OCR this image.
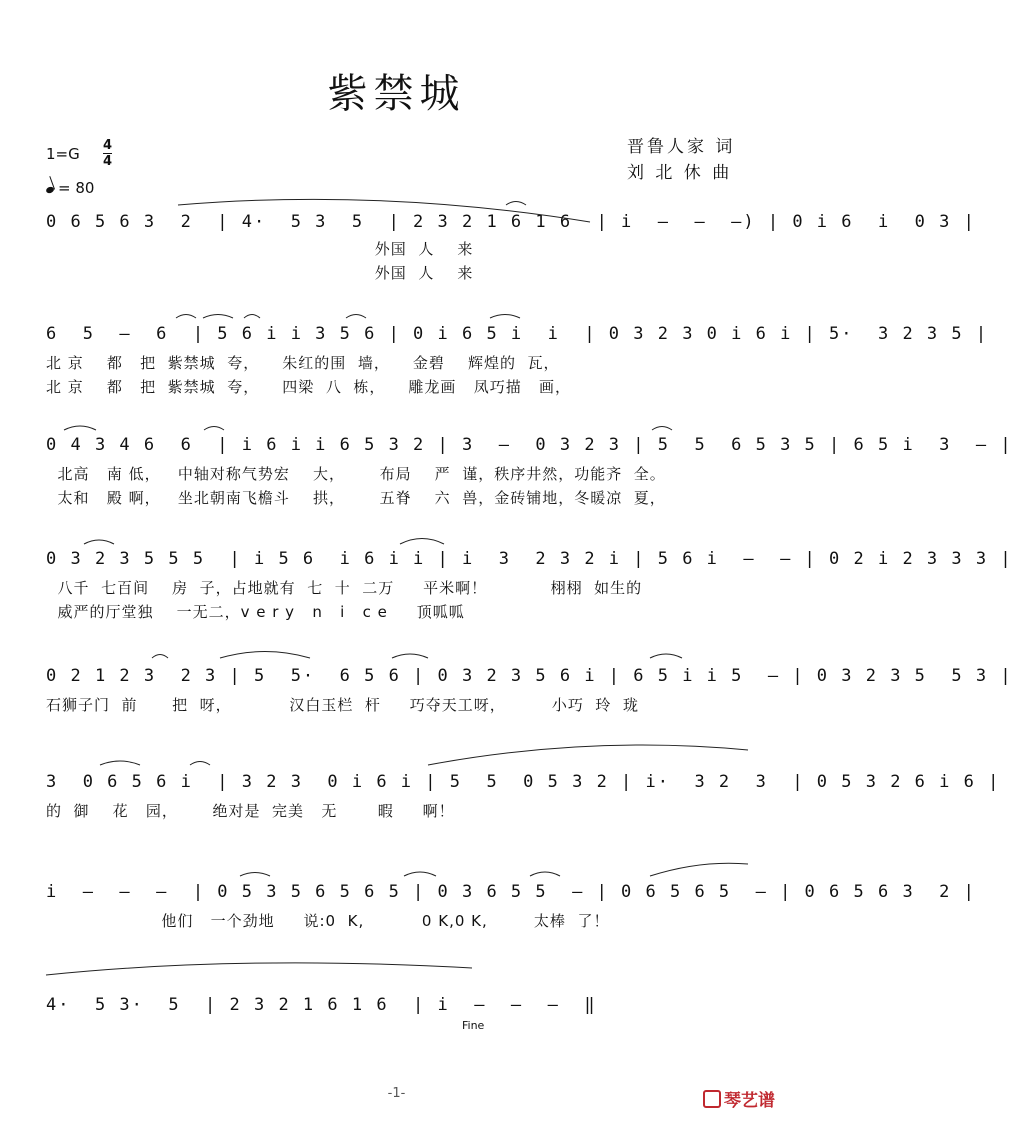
紫禁城
晋鲁人家 词
刘 北 休 曲
1=G 4
4
= 80
0 6 5 6 3  2  | 4·  5 3  5  | 2 3 2 1 6 1 6  | i  –  –  –) | 0 i 6  i  0 3 |
外国  人    来
外国  人    来
6  5  –  6  | 5 6 i i 3 5 6 | 0 i 6 5 i  i  | 0 3 2 3 0 i 6 i | 5·  3 2 3 5 |
北 京    都   把  紫禁城  夸，    朱红的围  墙，    金碧    辉煌的  瓦，
北 京    都   把  紫禁城  夸，    四梁  八  栋，    雕龙画   凤巧描   画，
0 4 3 4 6  6  | i 6 i i 6 5 3 2 | 3  –  0 3 2 3 | 5  5  6 5 3 5 | 6 5 i  3  – |
北高   南 低，   中轴对称气势宏    大，      布局    严  谨，秩序井然，功能齐  全。
太和   殿 啊，   坐北朝南飞檐斗    拱，      五脊    六  兽，金砖铺地，冬暖凉  夏，
0 3 2 3 5 5 5  | i 5 6  i 6 i i | i  3  2 3 2 i | 5 6 i  –  – | 0 2 i 2 3 3 3 |
八千  七百间    房  子，占地就有  七  十  二万     平米啊！           栩栩  如生的
威严的厅堂独    一无二，v e r y   n   i   c e     顶呱呱
0 2 1 2 3  2 3 | 5  5·  6 5 6 | 0 3 2 3 5 6 i | 6 5 i i 5  – | 0 3 2 3 5  5 3 |
石狮子门  前      把  呀，          汉白玉栏  杆     巧夺天工呀，        小巧  玲  珑
3  0 6 5 6 i  | 3 2 3  0 i 6 i | 5  5  0 5 3 2 | i·  3 2  3  | 0 5 3 2 6 i 6 |
的  御    花   园，      绝对是  完美   无       暇     啊！
i  –  –  –  | 0 5 3 5 6 5 6 5 | 0 3 6 5 5  – | 0 6 5 6 5  – | 0 6 5 6 3  2 |
他们   一个劲地     说:0  K,          0 K,0 K,        太棒  了！
4·  5 3·  5  | 2 3 2 1 6 1 6  | i  –  –  –  ‖
Fine
-1-	琴艺谱
